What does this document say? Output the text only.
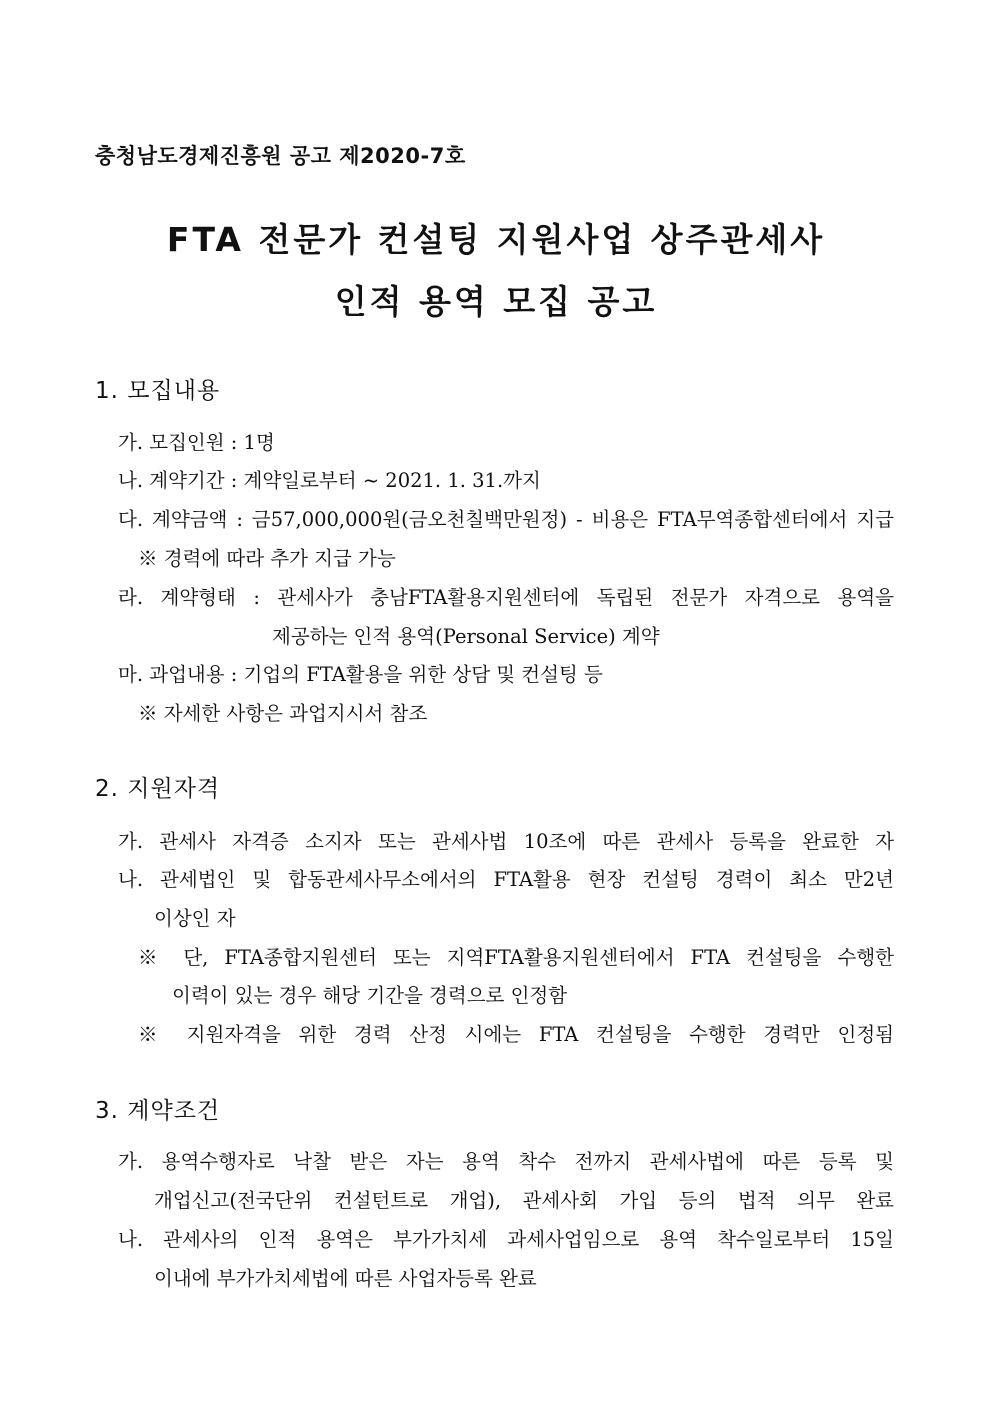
충청남도경제진흥원 공고 제2020-7호
FTA 전문가 컨설팅 지원사업 상주관세사
인적 용역 모집 공고
1. 모집내용
가. 모집인원 : 1명
나. 계약기간 : 계약일로부터 ~ 2021. 1. 31.까지
다. 계약금액 : 금57,000,000원(금오천칠백만원정) - 비용은 FTA무역종합센터에서 지급
※ 경력에 따라 추가 지급 가능
라. 계약형태 : 관세사가 충남FTA활용지원센터에 독립된 전문가 자격으로 용역을
제공하는 인적 용역(Personal Service) 계약
마. 과업내용 : 기업의 FTA활용을 위한 상담 및 컨설팅 등
※ 자세한 사항은 과업지시서 참조
2. 지원자격
가. 관세사 자격증 소지자 또는 관세사법 10조에 따른 관세사 등록을 완료한 자
나. 관세법인 및 합동관세사무소에서의 FTA활용 현장 컨설팅 경력이 최소 만2년
이상인 자
※ 단, FTA종합지원센터 또는 지역FTA활용지원센터에서 FTA 컨설팅을 수행한
이력이 있는 경우 해당 기간을 경력으로 인정함
※ 지원자격을 위한 경력 산정 시에는 FTA 컨설팅을 수행한 경력만 인정됨
3. 계약조건
가. 용역수행자로 낙찰 받은 자는 용역 착수 전까지 관세사법에 따른 등록 및
개업신고(전국단위 컨설턴트로 개업), 관세사회 가입 등의 법적 의무 완료
나. 관세사의 인적 용역은 부가가치세 과세사업임으로 용역 착수일로부터 15일
이내에 부가가치세법에 따른 사업자등록 완료
